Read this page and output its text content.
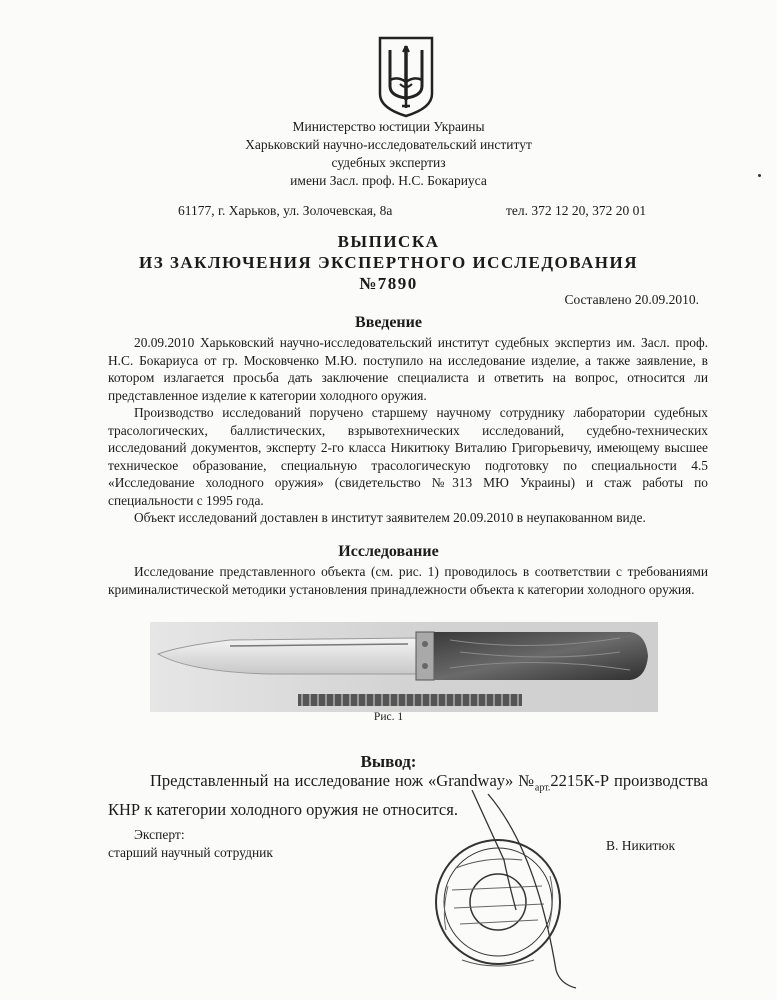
Министерство юстиции Украины
Харьковский научно-исследовательский институт
судебных экспертиз
имени Засл. проф. Н.С. Бокариуса
61177, г. Харьков, ул. Золочевская, 8а	тел. 372 12 20, 372 20 01
ВЫПИСКА
ИЗ ЗАКЛЮЧЕНИЯ ЭКСПЕРТНОГО ИССЛЕДОВАНИЯ
№7890
Составлено 20.09.2010.
Введение

20.09.2010 Харьковский научно-исследовательский институт судебных экспертиз им. Засл. проф. Н.С. Бокариуса от гр. Московченко М.Ю. поступило на исследование изделие, а также заявление, в котором излагается просьба дать заключение специалиста и ответить на вопрос, относится ли представленное изделие к категории холодного оружия.

Производство исследований поручено старшему научному сотруднику лаборатории судебных трасологических, баллистических, взрывотехнических исследований, судебно-технических исследований документов, эксперту 2-го класса Никитюку Виталию Григорьевичу, имеющему высшее техническое образование, специальную трасологическую подготовку по специальности 4.5 «Исследование холодного оружия» (свидетельство №313 МЮ Украины) и стаж работы по специальности с 1995 года.

Объект исследований доставлен в институт заявителем 20.09.2010 в неупакованном виде.

Исследование

Исследование представленного объекта (см. рис. 1) проводилось в соответствии с требованиями криминалистической методики установления принадлежности объекта к категории холодного оружия.

Рис. 1
Вывод:

Представленный на исследование нож «Grandway» $№_{арт.}2215К-Р$ производства КНР к категории холодного оружия не относится.

Эксперт:
старший научный сотрудник	В. Никитюк
